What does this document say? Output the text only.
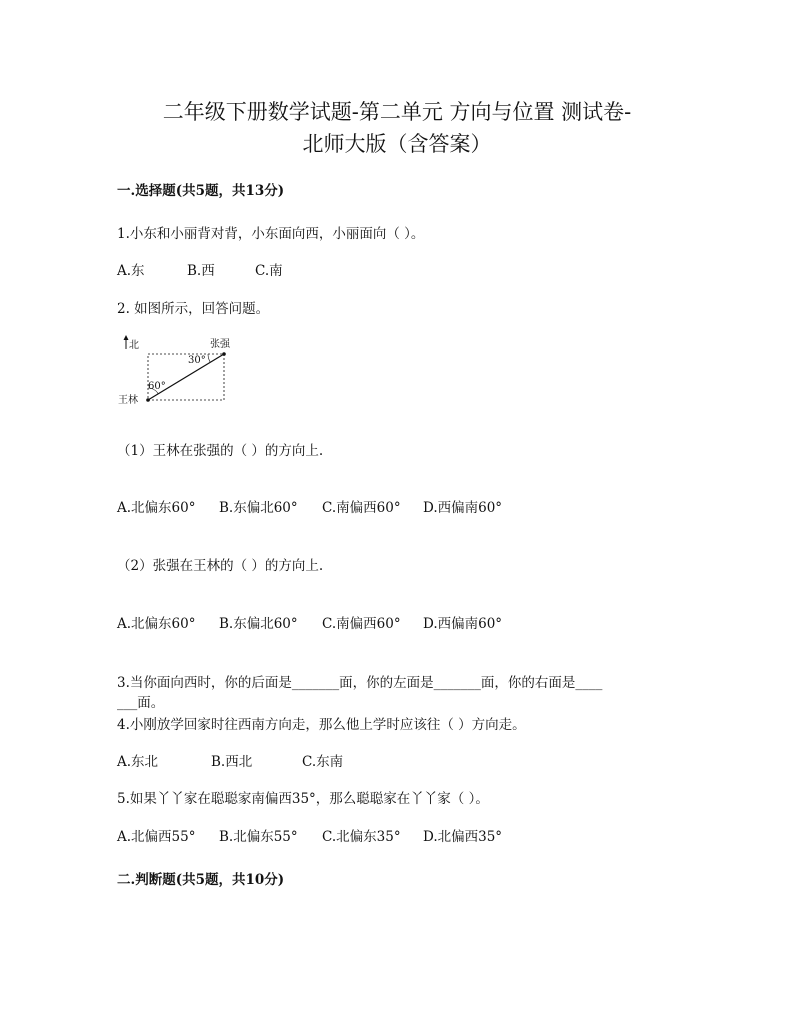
二年级下册数学试题-第二单元 方向与位置 测试卷-
北师大版（含答案）
一.选择题(共5题，共13分)
1.小东和小丽背对背，小东面向西，小丽面向（ ）。
A.东	B.西	C.南
2. 如图所示，回答问题。
北	张强
30°
60°
王林
（1）王林在张强的（ ）的方向上.
A.北偏东60° B.东偏北60° C.南偏西60° D.西偏南60°
（2）张强在王林的（ ）的方向上.
A.北偏东60° B.东偏北60° C.南偏西60° D.西偏南60°
3.当你面向西时，你的后面是_______面，你的左面是_______面，你的右面是____
___面。
4.小刚放学回家时往西南方向走，那么他上学时应该往（ ）方向走。
A.东北	B.西北	C.东南
5.如果丫丫家在聪聪家南偏西35°，那么聪聪家在丫丫家（ ）。
A.北偏西55° B.北偏东55° C.北偏东35° D.北偏西35°
二.判断题(共5题，共10分)
